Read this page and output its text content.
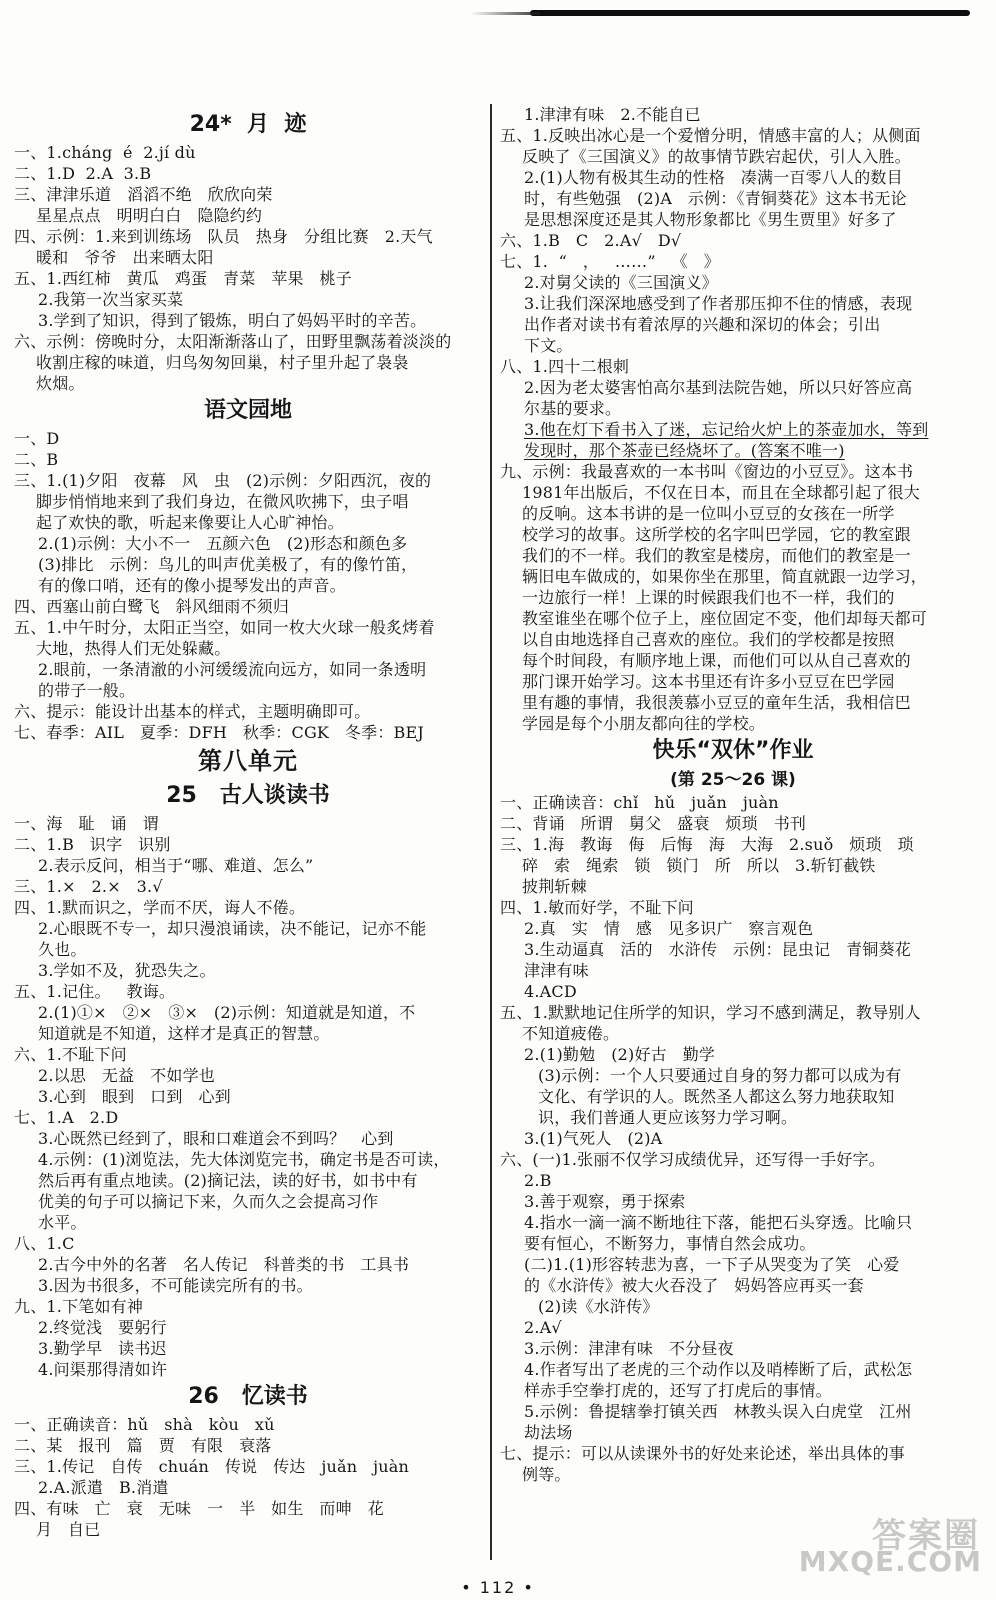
24*  月  迹
一、1.cháng  é  2.jí dù
二、1.D  2.A  3.B
三、津津乐道   滔滔不绝   欣欣向荣
星星点点   明明白白   隐隐约约
四、示例：1.来到训练场   队员   热身   分组比赛   2.天气
暖和   爷爷   出来晒太阳
五、1.西红柿   黄瓜   鸡蛋   青菜   苹果   桃子
2.我第一次当家买菜
3.学到了知识，得到了锻炼，明白了妈妈平时的辛苦。
六、示例：傍晚时分，太阳渐渐落山了，田野里飘荡着淡淡的
收割庄稼的味道，归鸟匆匆回巢，村子里升起了袅袅
炊烟。
语文园地
一、D
二、B
三、1.(1)夕阳   夜幕   风   虫   (2)示例：夕阳西沉，夜的
脚步悄悄地来到了我们身边，在微风吹拂下，虫子唱
起了欢快的歌，听起来像要让人心旷神怡。
2.(1)示例：大小不一   五颜六色   (2)形态和颜色多
(3)排比   示例：鸟儿的叫声优美极了，有的像竹笛，
有的像口哨，还有的像小提琴发出的声音。
四、西塞山前白鹭飞   斜风细雨不须归
五、1.中午时分，太阳正当空，如同一枚大火球一般炙烤着
大地，热得人们无处躲藏。
2.眼前，一条清澈的小河缓缓流向远方，如同一条透明
的带子一般。
六、提示：能设计出基本的样式，主题明确即可。
七、春季：AIL   夏季：DFH   秋季：CGK   冬季：BEJ
第八单元
25   古人谈读书
一、海   耻   诵   谓
二、1.B   识字   识别
2.表示反问，相当于“哪、难道、怎么”
三、1.×   2.×   3.√
四、1.默而识之，学而不厌，诲人不倦。
2.心眼既不专一，却只漫浪诵读，决不能记，记亦不能
久也。
3.学如不及，犹恐失之。
五、1.记住。   教诲。
2.(1)①×   ②×   ③×   (2)示例：知道就是知道，不
知道就是不知道，这样才是真正的智慧。
六、1.不耻下问
2.以思   无益   不如学也
3.心到   眼到   口到   心到
七、1.A   2.D
3.心既然已经到了，眼和口难道会不到吗？   心到
4.示例：(1)浏览法，先大体浏览完书，确定书是否可读，
然后再有重点地读。(2)摘记法，读的好书，如书中有
优美的句子可以摘记下来，久而久之会提高习作
水平。
八、1.C
2.古今中外的名著   名人传记   科普类的书   工具书
3.因为书很多，不可能读完所有的书。
九、1.下笔如有神
2.终觉浅   要躬行
3.勤学早   读书迟
4.问渠那得清如许
26   忆读书
一、正确读音：hǔ   shà   kòu   xǔ
二、某   报刊   篇   贾   有限   衰落
三、1.传记   自传   chuán   传说   传达   juǎn   juàn
2.A.派遣   B.消遣
四、有味   亡   衰   无味   一   半   如生   而呻   花
月   自已
1.津津有味   2.不能自已
五、1.反映出冰心是一个爱憎分明，情感丰富的人；从侧面
反映了《三国演义》的故事情节跌宕起伏，引人入胜。
2.(1)人物有极其生动的性格   凑满一百零八人的数目
时，有些勉强   (2)A   示例：《青铜葵花》这本书无论
是思想深度还是其人物形象都比《男生贾里》好多了
六、1.B   C   2.A√   D√
七、1.  “   ，   ……”   《   》
2.对舅父读的《三国演义》
3.让我们深深地感受到了作者那压抑不住的情感，表现
出作者对读书有着浓厚的兴趣和深切的体会；引出
下文。
八、1.四十二根刺
2.因为老太婆害怕高尔基到法院告她，所以只好答应高
尔基的要求。
3.他在灯下看书入了迷，忘记给火炉上的茶壶加水，等到
发现时，那个茶壶已经烧坏了。(答案不唯一)
九、示例：我最喜欢的一本书叫《窗边的小豆豆》。这本书
1981年出版后，不仅在日本，而且在全球都引起了很大
的反响。这本书讲的是一位叫小豆豆的女孩在一所学
校学习的故事。这所学校的名字叫巴学园，它的教室跟
我们的不一样。我们的教室是楼房，而他们的教室是一
辆旧电车做成的，如果你坐在那里，简直就跟一边学习，
一边旅行一样！上课的时候跟我们也不一样，我们的
教室谁坐在哪个位子上，座位固定不变，他们却每天都可
以自由地选择自己喜欢的座位。我们的学校都是按照
每个时间段，有顺序地上课，而他们可以从自己喜欢的
那门课开始学习。这本书里还有许多小豆豆在巴学园
里有趣的事情，我很羡慕小豆豆的童年生活，我相信巴
学园是每个小朋友都向往的学校。
快乐“双休”作业
(第 25～26 课)
一、正确读音：chǐ   hǔ   juǎn   juàn
二、背诵   所谓   舅父   盛衰   烦琐   书刊
三、1.海   教诲   侮   后悔   海   大海   2.suǒ   烦琐   琐
碎   索   绳索   锁   锁门   所   所以   3.斩钉截铁
披荆斩棘
四、1.敏而好学，不耻下问
2.真   实   情   感   见多识广   察言观色
3.生动逼真   活的   水浒传   示例：昆虫记   青铜葵花
津津有味
4.ACD
五、1.默默地记住所学的知识，学习不感到满足，教导别人
不知道疲倦。
2.(1)勤勉   (2)好古   勤学
(3)示例：一个人只要通过自身的努力都可以成为有
文化、有学识的人。既然圣人都这么努力地获取知
识，我们普通人更应该努力学习啊。
3.(1)气死人   (2)A
六、(一)1.张丽不仅学习成绩优异，还写得一手好字。
2.B
3.善于观察，勇于探索
4.指水一滴一滴不断地往下落，能把石头穿透。比喻只
要有恒心，不断努力，事情自然会成功。
(二)1.(1)形容转悲为喜，一下子从哭变为了笑   心爱
的《水浒传》被大火吞没了   妈妈答应再买一套
(2)读《水浒传》
2.A√
3.示例：津津有味   不分昼夜
4.作者写出了老虎的三个动作以及哨棒断了后，武松怎
样赤手空拳打虎的，还写了打虎后的事情。
5.示例：鲁提辖拳打镇关西   林教头误入白虎堂   江州
劫法场
七、提示：可以从读课外书的好处来论述，举出具体的事
例等。
• 112 •
答案圈
MXQE.COM
